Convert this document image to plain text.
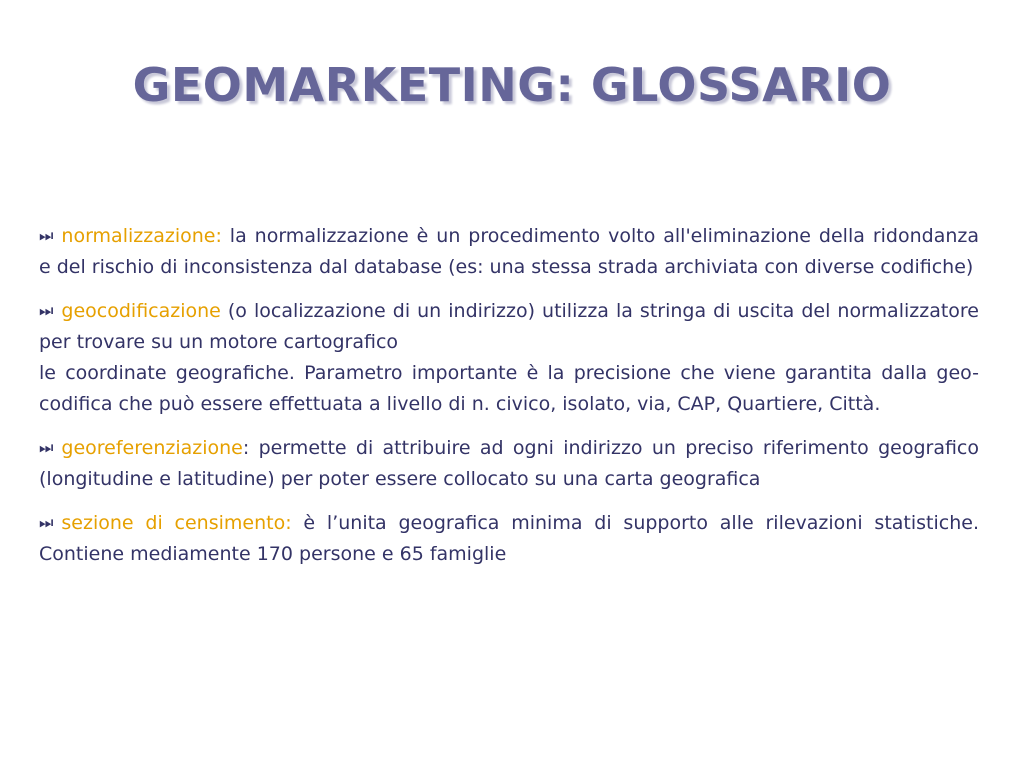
GEOMARKETING: GLOSSARIO

⏭ normalizzazione: la normalizzazione è un procedimento volto all'eliminazione della ridondanza e del rischio di inconsistenza dal database (es: una stessa strada archiviata con diverse codifiche)

⏭ geocodificazione (o localizzazione di un indirizzo) utilizza la stringa di uscita del normalizzatore per trovare su un motore cartografico
le coordinate geografiche. Parametro importante è la precisione che viene garantita dalla geo-codifica che può essere effettuata a livello di n. civico, isolato, via, CAP, Quartiere, Città.

⏭ georeferenziazione: permette di attribuire ad ogni indirizzo un preciso riferimento geografico (longitudine e latitudine) per poter essere collocato su una carta geografica

⏭ sezione di censimento: è l’unita geografica minima di supporto alle rilevazioni statistiche. Contiene mediamente 170 persone e 65 famiglie
